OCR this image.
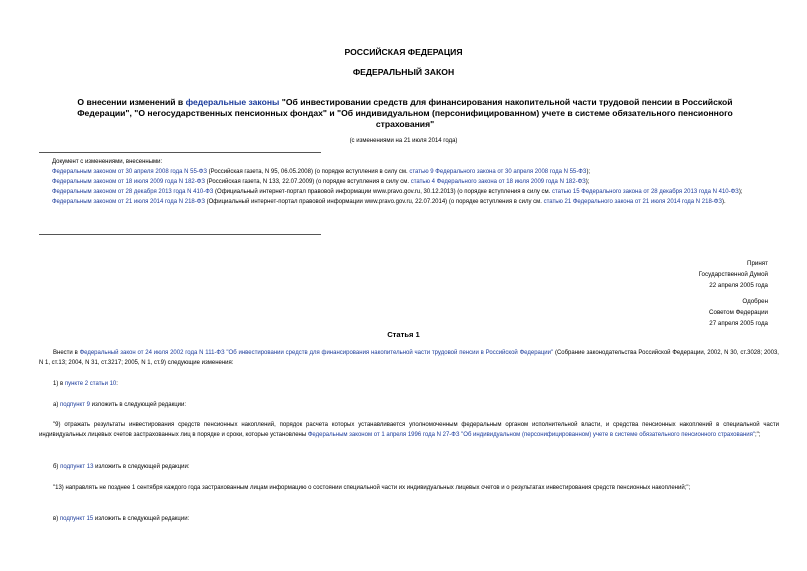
РОССИЙСКАЯ ФЕДЕРАЦИЯ
ФЕДЕРАЛЬНЫЙ ЗАКОН
О внесении изменений в федеральные законы "Об инвестировании средств для финансирования накопительной части трудовой пенсии в Российской Федерации", "О негосударственных пенсионных фондах" и "Об индивидуальном (персонифицированном) учете в системе обязательного пенсионного страхования"
(с изменениями на 21 июля 2014 года)

Документ с изменениями, внесенными:

Федеральным законом от 30 апреля 2008 года N 55-ФЗ (Российская газета, N 95, 06.05.2008) (о порядке вступления в силу см. статью 9 Федерального закона от 30 апреля 2008 года N 55-ФЗ);

Федеральным законом от 18 июля 2009 года N 182-ФЗ (Российская газета, N 133, 22.07.2009) (о порядке вступления в силу см. статью 4 Федерального закона от 18 июля 2009 года N 182-ФЗ);

Федеральным законом от 28 декабря 2013 года N 410-ФЗ (Официальный интернет-портал правовой информации www.pravo.gov.ru, 30.12.2013) (о порядке вступления в силу см. статью 15 Федерального закона от 28 декабря 2013 года N 410-ФЗ);

Федеральным законом от 21 июля 2014 года N 218-ФЗ (Официальный интернет-портал правовой информации www.pravo.gov.ru, 22.07.2014) (о порядке вступления в силу см. статью 21 Федерального закона от 21 июля 2014 года N 218-ФЗ).

Принят
Государственной Думой
22 апреля 2005 года
Одобрен
Советом Федерации
27 апреля 2005 года
Статья 1

Внести в Федеральный закон от 24 июля 2002 года N 111-ФЗ "Об инвестировании средств для финансирования накопительной части трудовой пенсии в Российской Федерации" (Собрание законодательства Российской Федерации, 2002, N 30, ст.3028; 2003, N 1, ст.13; 2004, N 31, ст.3217; 2005, N 1, ст.9) следующие изменения:

1) в пункте 2 статьи 10:

а) подпункт 9 изложить в следующей редакции:

"9) отражать результаты инвестирования средств пенсионных накоплений, порядок расчета которых устанавливается уполномоченным федеральным органом исполнительной власти, и средства пенсионных накоплений в специальной части индивидуальных лицевых счетов застрахованных лиц в порядке и сроки, которые установлены Федеральным законом от 1 апреля 1996 года N 27-ФЗ "Об индивидуальном (персонифицированном) учете в системе обязательного пенсионного страхования";";

б) подпункт 13 изложить в следующей редакции:

"13) направлять не позднее 1 сентября каждого года застрахованным лицам информацию о состоянии специальной части их индивидуальных лицевых счетов и о результатах инвестирования средств пенсионных накоплений;";

в) подпункт 15 изложить в следующей редакции:
